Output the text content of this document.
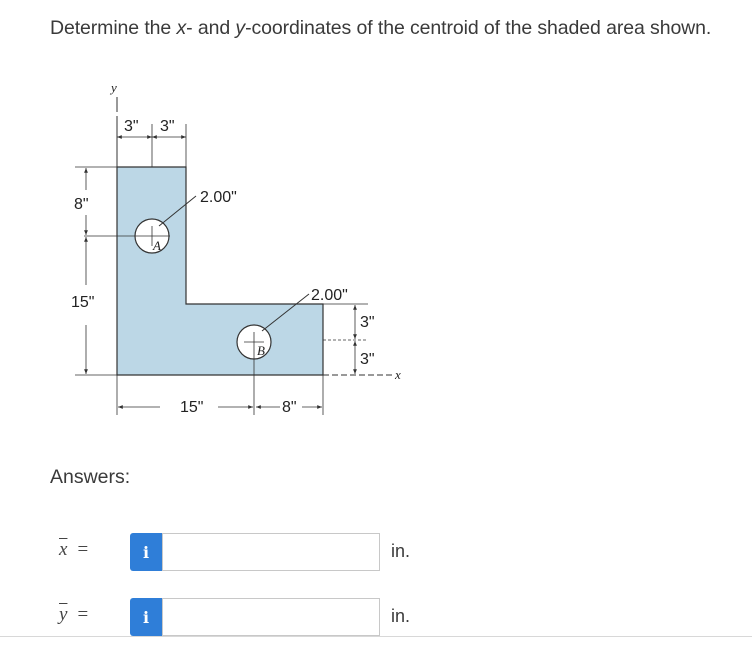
Determine the x- and y-coordinates of the centroid of the shaded area shown.
A
B
2.00"
2.00"
y
3" 3"
8"
15"
3"
3"
x
15"	8"
Answers:
$\overline{x}$ =	i	in.
$\overline{y}$ =	i	in.
